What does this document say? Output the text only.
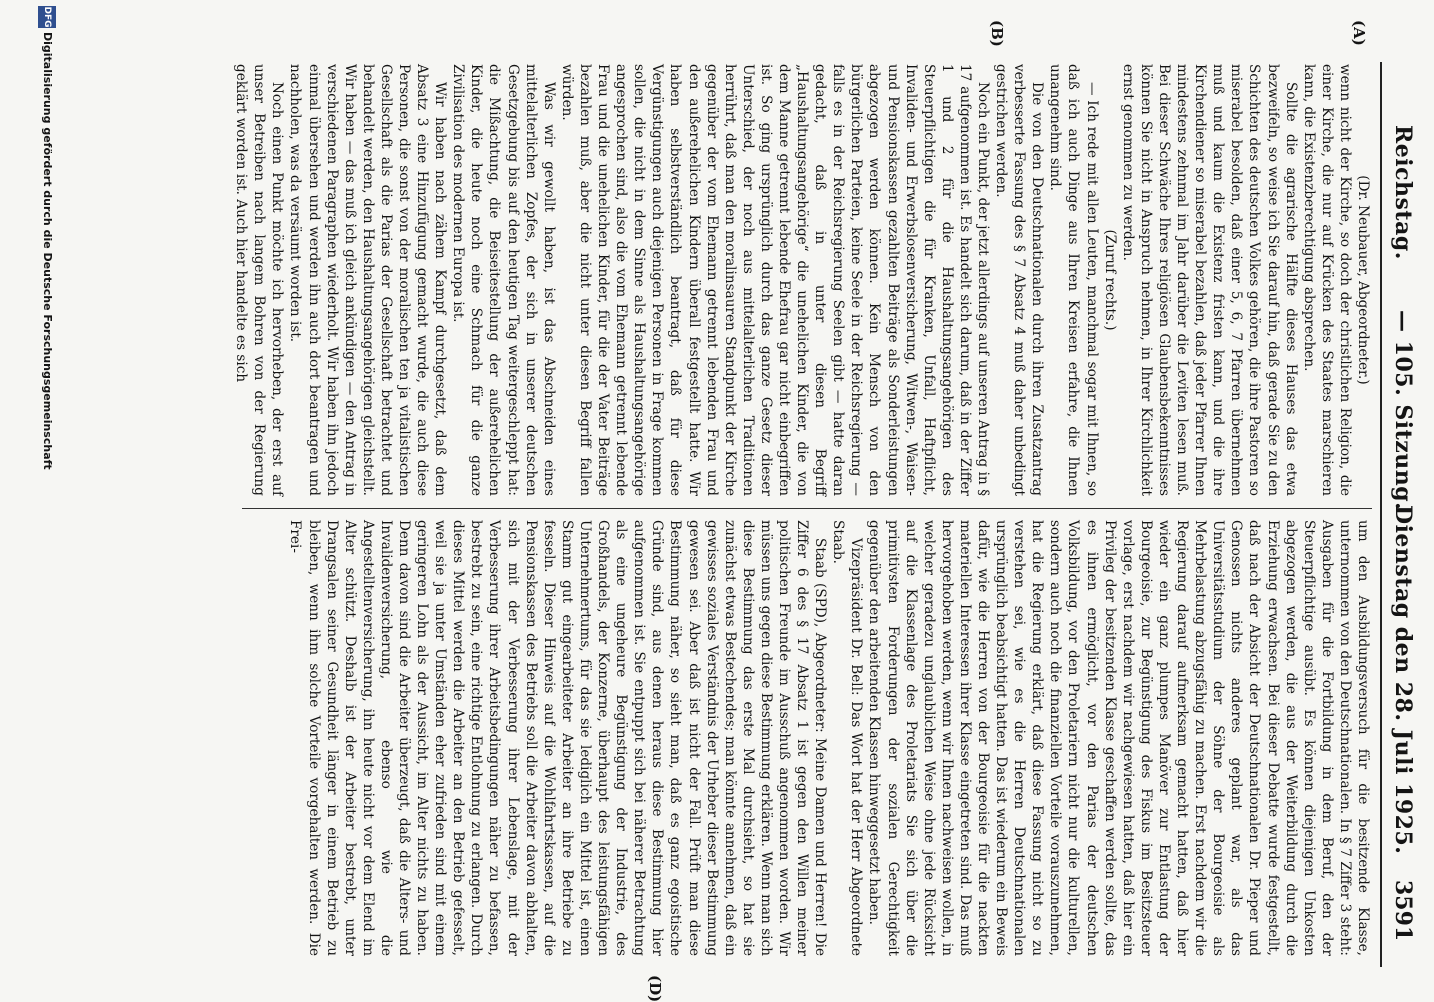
Reichstag.
— 105. Sitzung.
Dienstag den 28. Juli 1925.
3591
(A)
(B)
(D)

(Dr. Neubauer, Abgeordneter.)

wenn nicht der Kirche, so doch der christlichen Religion, die einer Kirche, die nur auf Krücken des Staates marschieren kann, die Existenzberechtigung absprechen.

Sollte die agrarische Hälfte dieses Hauses das etwa bezweifeln, so weise ich Sie darauf hin, daß gerade Sie zu den Schichten des deutschen Volkes gehören, die ihre Pastoren so miserabel besolden, daß einer 5, 6, 7 Pfarren übernehmen muß und kaum die Existenz fristen kann, und die ihre Kirchendiener so miserabel bezahlen, daß jeder Pfarrer Ihnen mindestens zehnmal im Jahr darüber die Leviten lesen muß. Bei dieser Schwäche Ihres religiösen Glaubensbekenntnisses können Sie nicht in Anspruch nehmen, in Ihrer Kirchlichkeit ernst genommen zu werden.

(Zuruf rechts.)

— Ich rede mit allen Leuten, manchmal sogar mit Ihnen, so daß ich auch Dinge aus Ihren Kreisen erfahre, die Ihnen unangenehm sind.

Die von den Deutschnationalen durch ihren Zusatzantrag verbesserte Fassung des § 7 Absatz 4 muß daher unbedingt gestrichen werden.

Noch ein Punkt, der jetzt allerdings auf unseren Antrag in § 17 aufgenommen ist. Es handelt sich darum, daß in der Ziffer 1 und 2 für die Haushaltungsangehörigen des Steuerpflichtigen die für Kranken, Unfall, Haftpflicht, Invaliden- und Erwerbslosenversicherung, Witwen-, Waisen- und Pensionskassen gezahlten Beiträge als Sonderleistungen abgezogen werden können. Kein Mensch von den bürgerlichen Parteien, keine Seele in der Reichsregierung — falls es in der Reichsregierung Seelen gibt — hatte daran gedacht, daß in unter diesen Begriff „Haushaltungsangehörige“ die unehelichen Kinder, die von dem Manne getrennt lebende Ehefrau gar nicht einbegriffen ist. So ging ursprünglich durch das ganze Gesetz dieser Unterschied, der noch aus mittelalterlichen Traditionen herrührt, daß man den moralinsauren Standpunkt der Kirche gegenüber der vom Ehemann getrennt lebenden Frau und den außerehelichen Kindern überall festgestellt hatte. Wir haben selbstverständlich beantragt, daß für diese Vergünstigungen auch diejenigen Personen in Frage kommen sollen, die nicht in dem Sinne als Haushaltungsangehörige angesprochen sind, also die vom Ehemann getrennt lebende Frau und die unehelichen Kinder, für die der Vater Beiträge bezahlen muß, aber die nicht unter diesen Begriff fallen würden.

Was wir gewollt haben, ist das Abschneiden eines mittelalterlichen Zopfes, der sich in unserer deutschen Gesetzgebung bis auf den heutigen Tag weitergeschleppt hat: die Mißachtung, die Beiseitestellung der außerehelichen Kinder, die heute noch eine Schmach für die ganze Zivilisation des modernen Europa ist.

Wir haben nach zähem Kampf durchgesetzt, daß dem Absatz 3 eine Hinzufügung gemacht wurde, die auch diese Personen, die sonst von der moralischen ten ja vitalistischen Gesellschaft als die Parias der Gesellschaft betrachtet und behandelt werden, den Haushaltungsangehörigen gleichstellt. Wir haben — das muß ich gleich ankündigen — den Antrag in verschiedenen Paragraphen wiederholt. Wir haben ihn jedoch einmal übersehen und werden ihn auch dort beantragen und nachholen, was da versäumt worden ist.

Noch einen Punkt möchte ich hervorheben, der erst auf unser Betreiben nach langem Bohren von der Regierung geklärt worden ist. Auch hier handelte es sich

um den Ausbildungsversuch für die besitzende Klasse, unternommen von den Deutschnationalen. In § 7 Ziffer 3 steht: Ausgaben für die Fortbildung in dem Beruf, den der Steuerpflichtige ausübt. Es können diejenigen Unkosten abgezogen werden, die aus der Weiterbildung durch die Erziehung erwachsen. Bei dieser Debatte wurde festgestellt, daß nach der Absicht der Deutschnationalen Dr. Pieper und Genossen nichts anderes geplant war, als das Universitätsstudium der Söhne der Bourgeoisie als Mehrbelastung abzugsfähig zu machen. Erst nachdem wir die Regierung darauf aufmerksam gemacht hatten, daß hier wieder ein ganz plumpes Manöver zur Entlastung der Bourgeoisie, zur Begünstigung des Fiskus im Besitzsteuer vorlage, erst nachdem wir nachgewiesen hatten, daß hier ein Privileg der besitzenden Klasse geschaffen werden sollte, das es ihnen ermöglicht, vor den Parias der deutschen Volksbildung, vor den Proletariern nicht nur die kulturellen, sondern auch noch die finanziellen Vorteile vorauszunehmen, hat die Regierung erklärt, daß diese Fassung nicht so zu verstehen sei, wie es die Herren Deutschnationalen ursprünglich beabsichtigt hatten. Das ist wiederum ein Beweis dafür, wie die Herren von der Bourgeoisie für die nackten materiellen Interessen ihrer Klasse eingetreten sind. Das muß hervorgehoben werden, wenn wir Ihnen nachweisen wollen, in welcher geradezu unglaublichen Weise ohne jede Rücksicht auf die Klassenlage des Proletariats Sie sich über die primitivsten Forderungen der sozialen Gerechtigkeit gegenüber den arbeitenden Klassen hinweggesetzt haben.

Vizepräsident Dr. Bell: Das Wort hat der Herr Abgeordnete Staab.

Staab (SPD), Abgeordneter: Meine Damen und Herren! Die Ziffer 6 des § 17 Absatz 1 ist gegen den Willen meiner politischen Freunde im Ausschuß angenommen worden. Wir müssen uns gegen diese Bestimmung erklären. Wenn man sich diese Bestimmung das erste Mal durchsieht, so hat sie zunächst etwas Bestechendes; man könnte annehmen, daß ein gewisses soziales Verständnis der Urheber dieser Bestimmung gewesen sei. Aber daß ist nicht der Fall. Prüft man diese Bestimmung näher, so sieht man, daß es ganz egoistische Gründe sind, aus denen heraus diese Bestimmung hier aufgenommen ist. Sie entpuppt sich bei näherer Betrachtung als eine ungeheure Begünstigung der Industrie, des Großhandels, der Konzerne, überhaupt des leistungsfähigen Unternehmertums, für das sie lediglich ein Mittel ist, einen Stamm gut eingearbeiteter Arbeiter an ihre Betriebe zu fesseln. Dieser Hinweis auf die Wohlfahrtskassen, auf die Pensionskassen des Betriebs soll die Arbeiter davon abhalten, sich mit der Verbesserung ihrer Lebenslage, mit der Verbesserung ihrer Arbeitsbedingungen näher zu befassen, bestrebt zu sein, eine richtige Entlohnung zu erlangen. Durch dieses Mittel werden die Arbeiter an den Betrieb gefesselt, weil sie ja unter Umständen eher zufrieden sind mit einem geringeren Lohn als der Aussicht, im Alter nichts zu haben. Denn davon sind die Arbeiter überzeugt, daß die Alters- und Invalidenversicherung, ebenso wie die Angestelltenversicherung, ihn heute nicht vor dem Elend im Alter schützt. Deshalb ist der Arbeiter bestrebt, unter Drangsalen seiner Gesundheit länger in einem Betrieb zu bleiben, wenn ihm solche Vorteile vorgehalten werden. Die Frei-

DFG
Digitalisierung gefördert durch die Deutsche Forschungsgemeinschaft
